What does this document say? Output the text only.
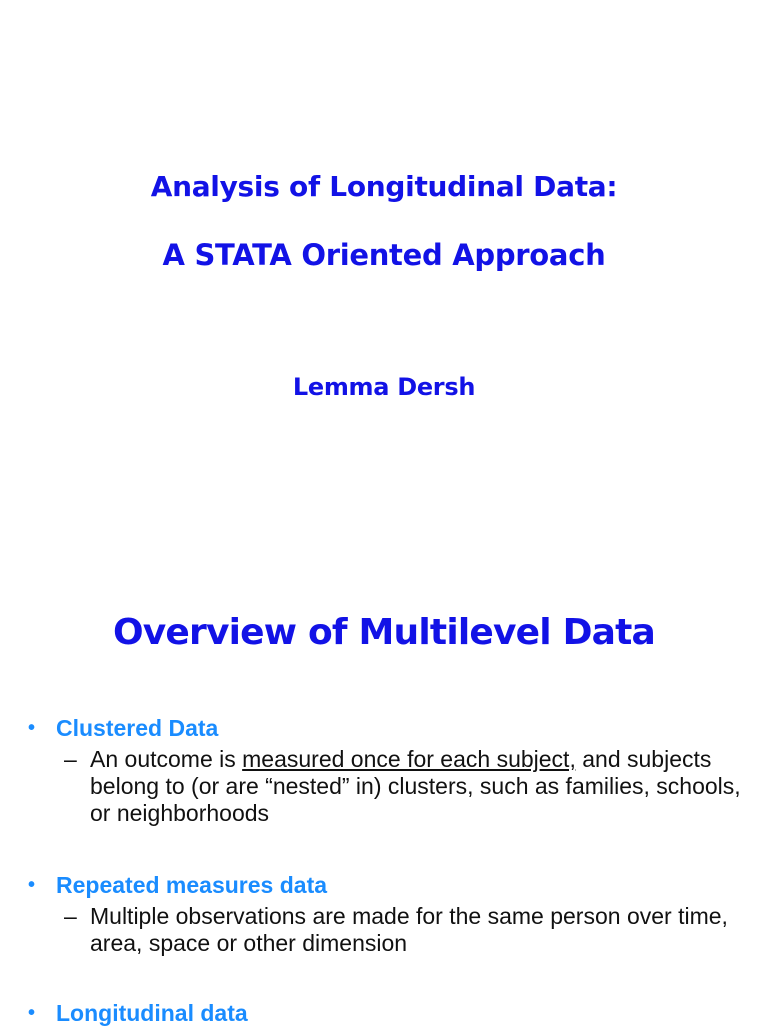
Analysis of Longitudinal Data:
A STATA Oriented Approach
Lemma Dersh
Overview of Multilevel Data
• Clustered Data

– An outcome is measured once for each subject, and subjects belong to (or are “nested” in) clusters, such as families, schools, or neighborhoods
• Repeated measures data

– Multiple observations are made for the same person over time, area, space or other dimension
• Longitudinal data
